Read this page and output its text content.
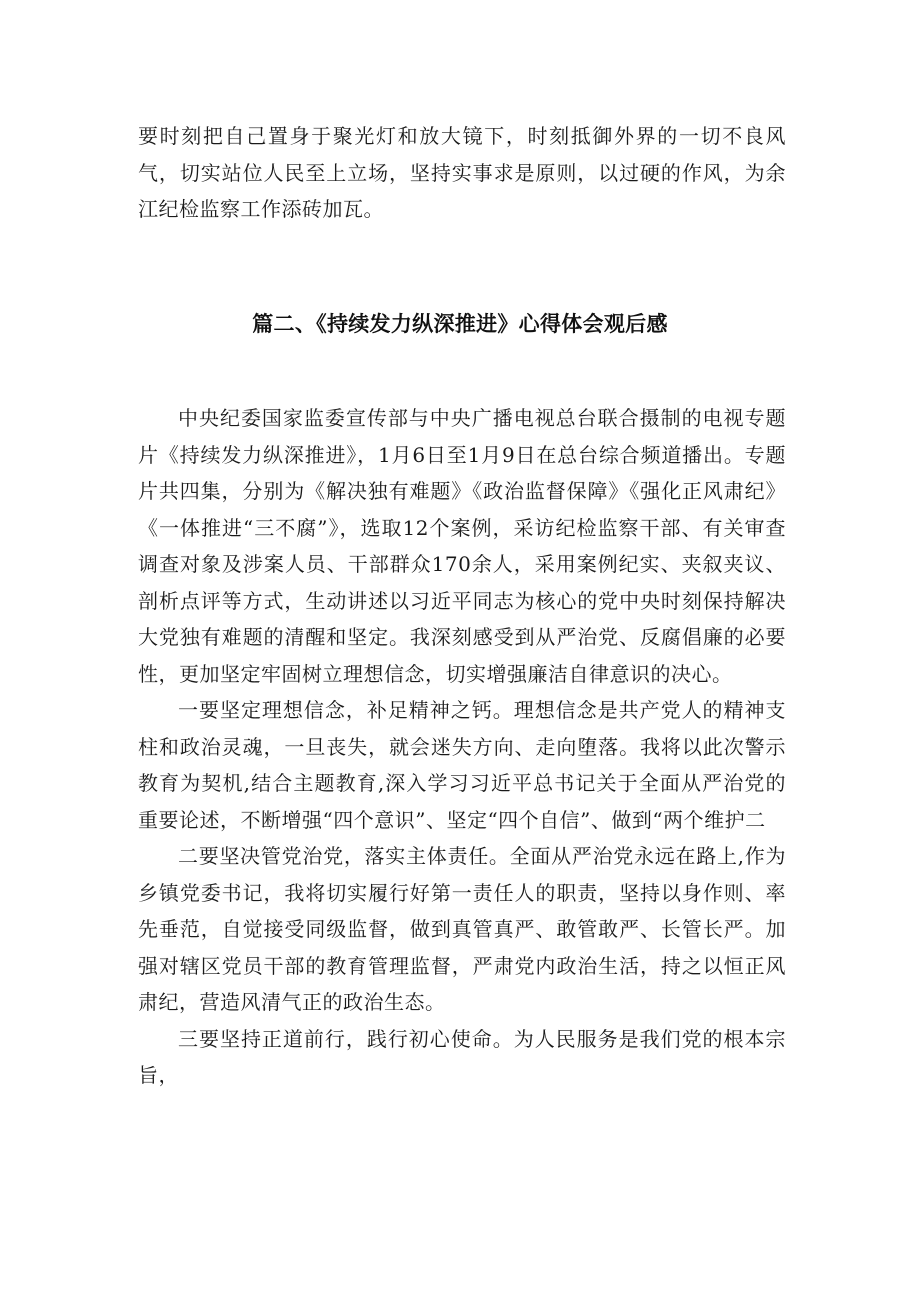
要时刻把自己置身于聚光灯和放大镜下，时刻抵御外界的一切不良风气，切实站位人民至上立场，坚持实事求是原则，以过硬的作风，为余江纪检监察工作添砖加瓦。

篇二、《持续发力纵深推进》心得体会观后感

中央纪委国家监委宣传部与中央广播电视总台联合摄制的电视专题片《持续发力纵深推进》，1月6日至1月9日在总台综合频道播出。专题片共四集，分别为《解决独有难题》《政治监督保障》《强化正风肃纪》《一体推进“三不腐”》，选取12个案例，采访纪检监察干部、有关审查调查对象及涉案人员、干部群众170余人，采用案例纪实、夹叙夹议、剖析点评等方式，生动讲述以习近平同志为核心的党中央时刻保持解决大党独有难题的清醒和坚定。我深刻感受到从严治党、反腐倡廉的必要性，更加坚定牢固树立理想信念，切实增强廉洁自律意识的决心。

一要坚定理想信念，补足精神之钙。理想信念是共产党人的精神支柱和政治灵魂，一旦丧失，就会迷失方向、走向堕落。我将以此次警示教育为契机,结合主题教育,深入学习习近平总书记关于全面从严治党的重要论述，不断增强“四个意识”、坚定“四个自信”、做到“两个维护二

二要坚决管党治党，落实主体责任。全面从严治党永远在路上,作为乡镇党委书记，我将切实履行好第一责任人的职责，坚持以身作则、率先垂范，自觉接受同级监督，做到真管真严、敢管敢严、长管长严。加强对辖区党员干部的教育管理监督，严肃党内政治生活，持之以恒正风肃纪，营造风清气正的政治生态。

三要坚持正道前行，践行初心使命。为人民服务是我们党的根本宗旨，
